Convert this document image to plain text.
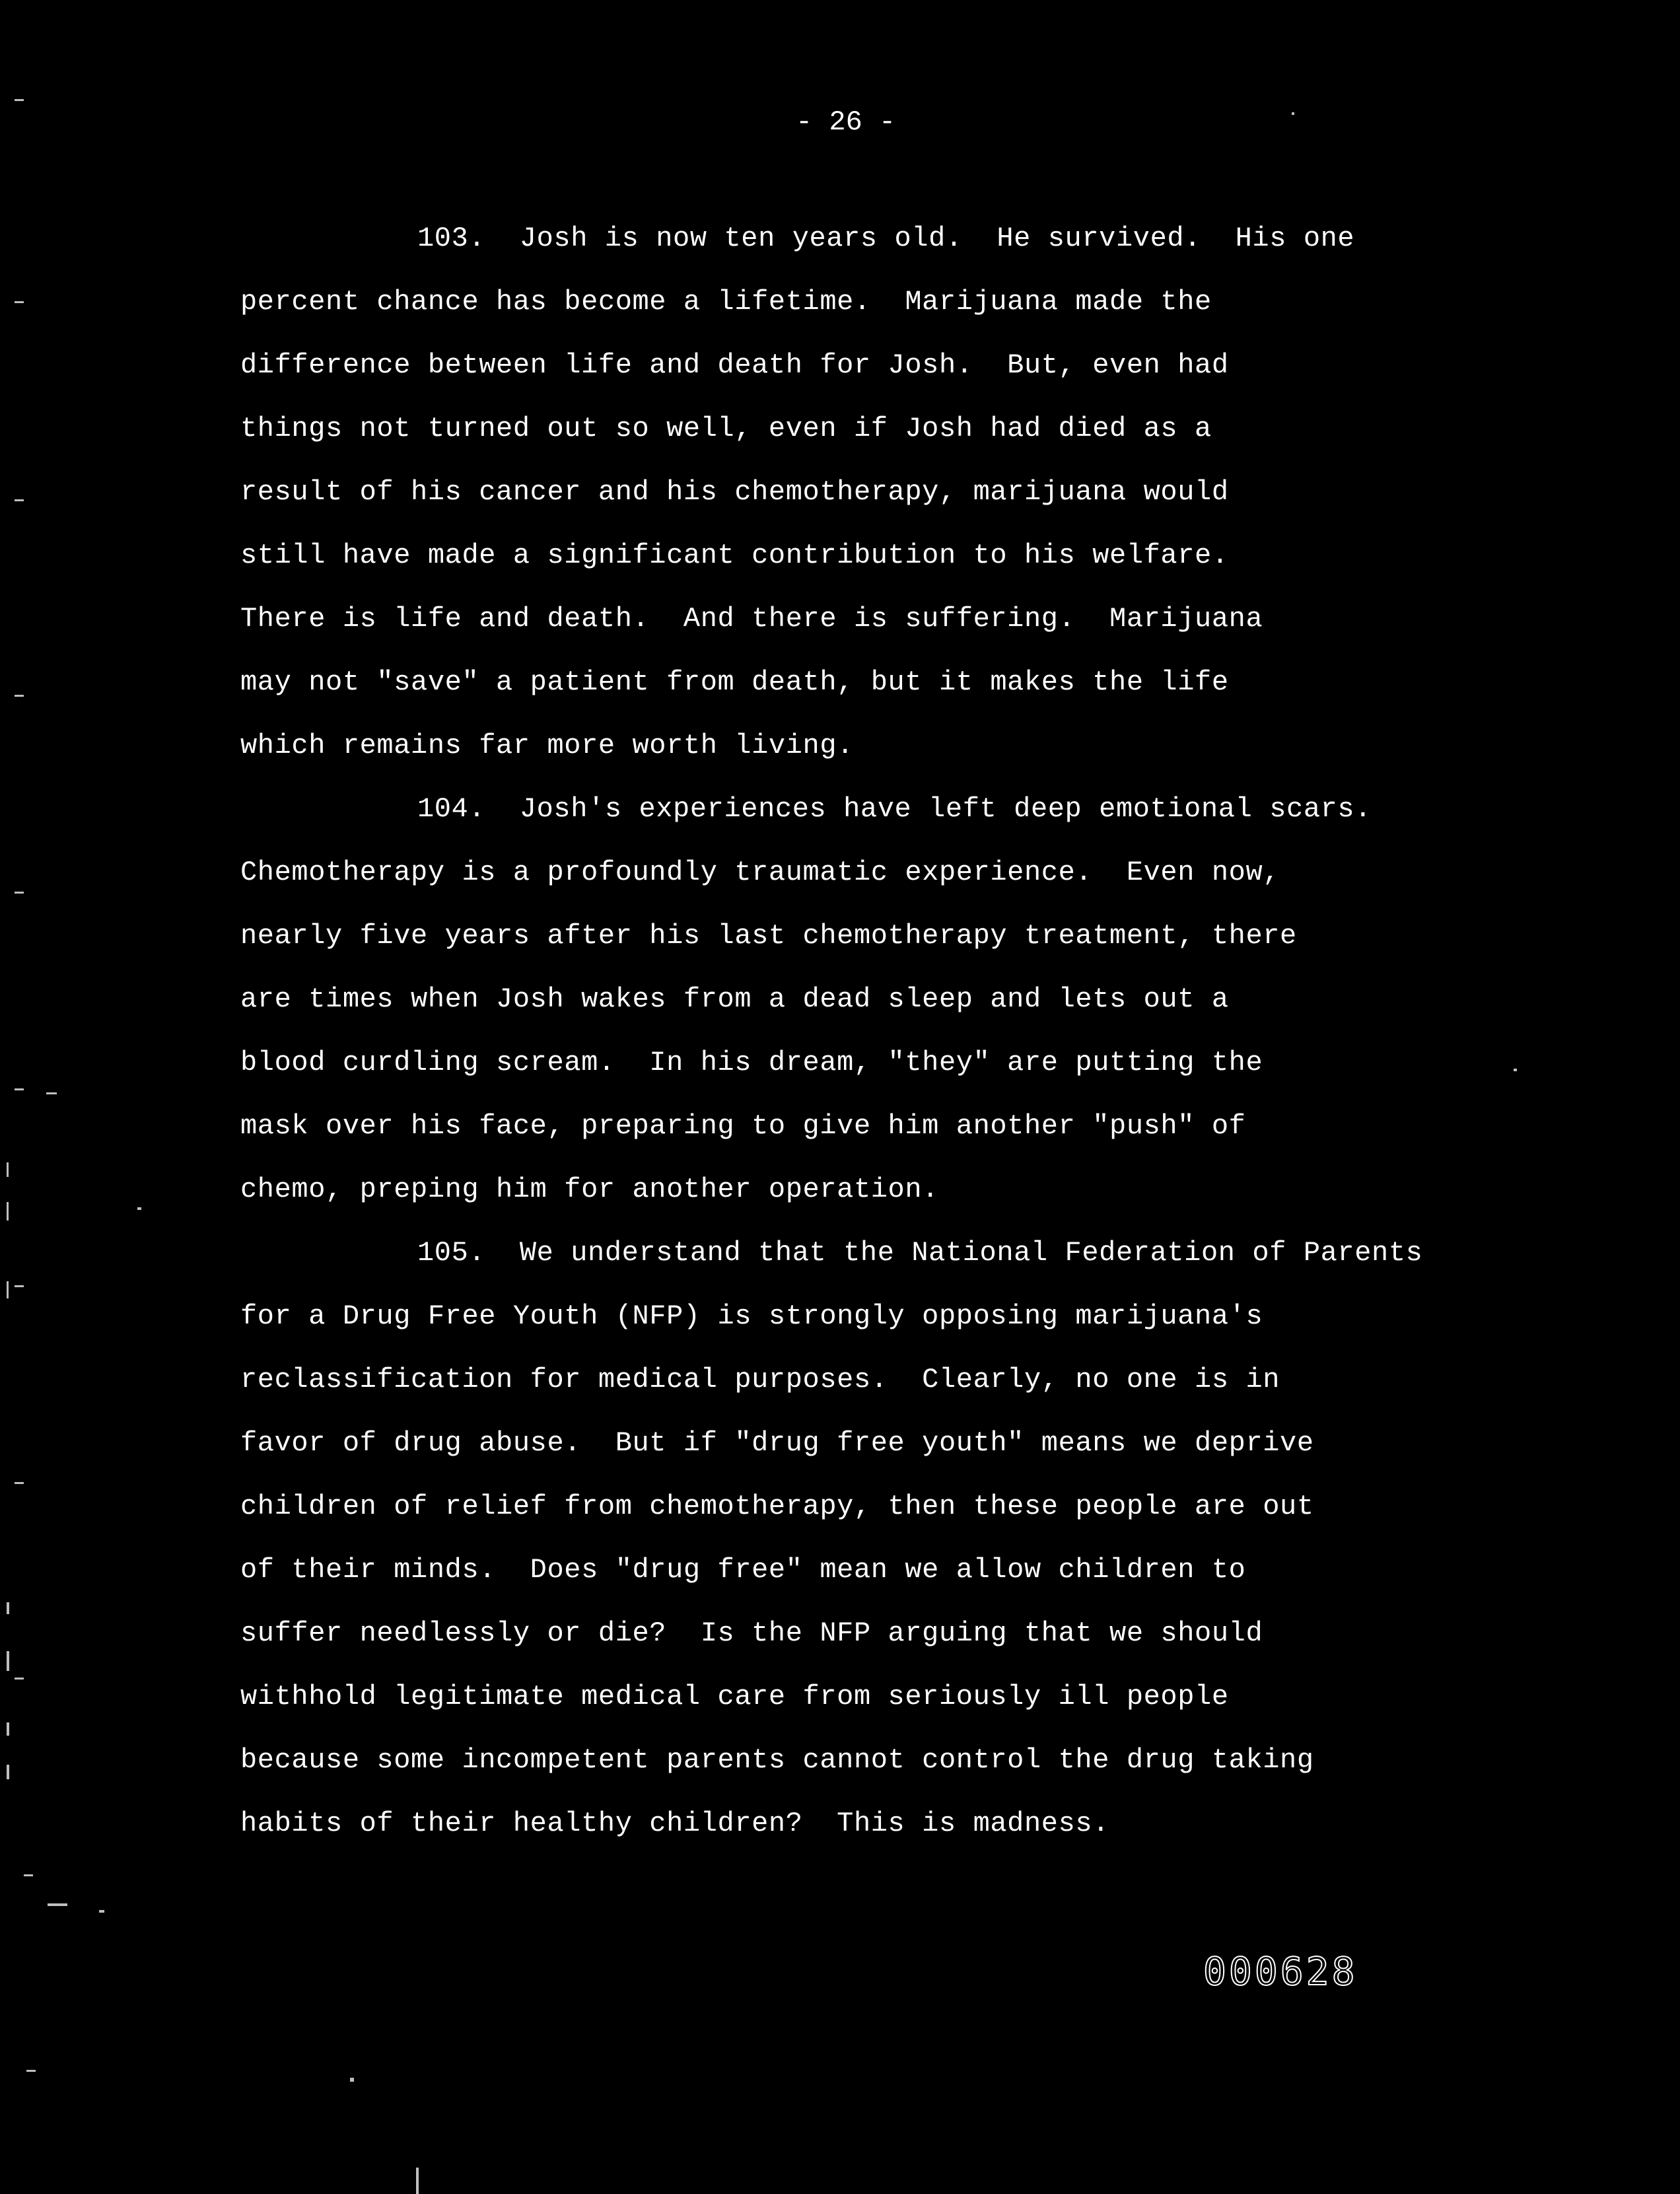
- 26 -
103.  Josh is now ten years old.  He survived.  His one
percent chance has become a lifetime.  Marijuana made the
difference between life and death for Josh.  But, even had
things not turned out so well, even if Josh had died as a
result of his cancer and his chemotherapy, marijuana would
still have made a significant contribution to his welfare.
There is life and death.  And there is suffering.  Marijuana
may not "save" a patient from death, but it makes the life
which remains far more worth living.
104.  Josh's experiences have left deep emotional scars.
Chemotherapy is a profoundly traumatic experience.  Even now,
nearly five years after his last chemotherapy treatment, there
are times when Josh wakes from a dead sleep and lets out a
blood curdling scream.  In his dream, "they" are putting the
mask over his face, preparing to give him another "push" of
chemo, preping him for another operation.
105.  We understand that the National Federation of Parents
for a Drug Free Youth (NFP) is strongly opposing marijuana's
reclassification for medical purposes.  Clearly, no one is in
favor of drug abuse.  But if "drug free youth" means we deprive
children of relief from chemotherapy, then these people are out
of their minds.  Does "drug free" mean we allow children to
suffer needlessly or die?  Is the NFP arguing that we should
withhold legitimate medical care from seriously ill people
because some incompetent parents cannot control the drug taking
habits of their healthy children?  This is madness.
000628
